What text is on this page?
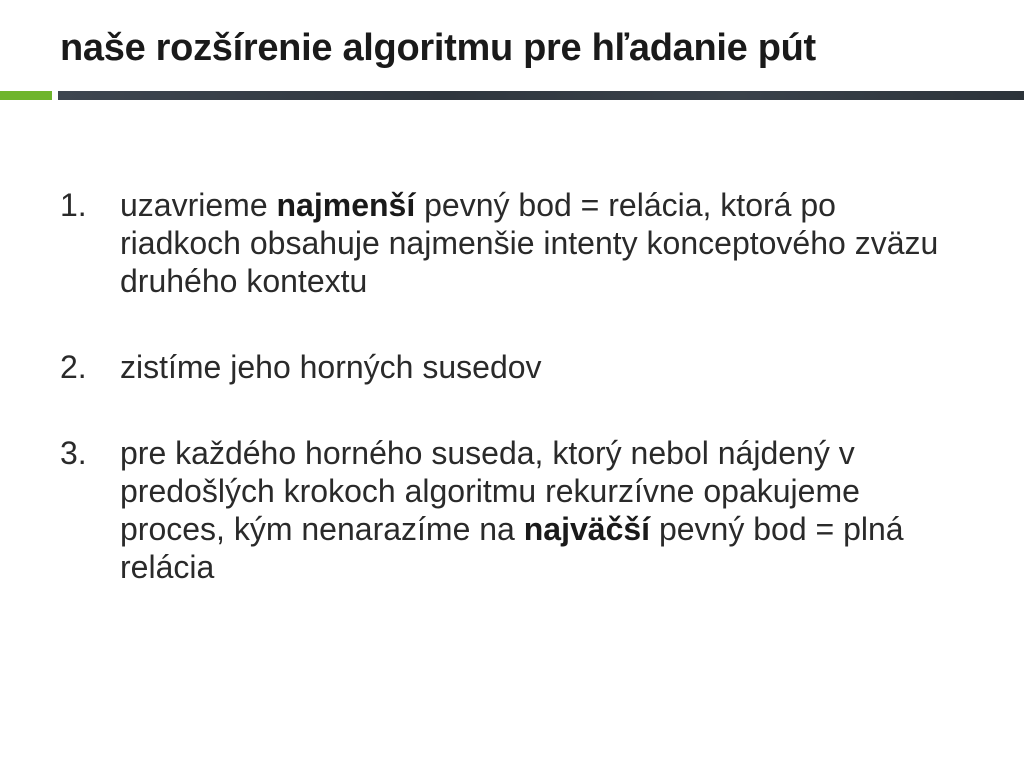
naše rozšírenie algoritmu pre hľadanie pút
1.	uzavrieme najmenší pevný bod = relácia, ktorá po riadkoch obsahuje najmenšie intenty konceptového zväzu druhého kontextu
2.	zistíme jeho horných susedov
3.	pre každého horného suseda, ktorý nebol nájdený v predošlých krokoch algoritmu rekurzívne opakujeme proces, kým nenarazíme na najväčší pevný bod = plná relácia
